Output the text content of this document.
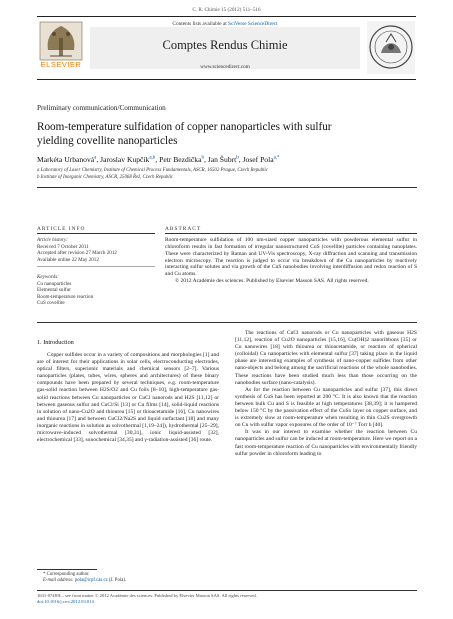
C. R. Chimie 15 (2012) 511–516
ELSEVIER
Contents lists available at SciVerse ScienceDirect
Comptes Rendus Chimie
www.sciencedirect.com
Preliminary communication/Communication
Room-temperature sulfidation of copper nanoparticles with sulfur
yielding covellite nanoparticles
Markéta Urbanová$^a$, Jaroslav Kupčík$^{a,b}$, Petr Bezdička$^b$, Jan Šubrt$^b$, Josef Pola$^{a,*}$
a Laboratory of Laser Chemistry, Institute of Chemical Process Fundamentals, ASCR, 16502 Prague, Czech Republic
b Institute of Inorganic Chemistry, ASCR, 25068 Řež, Czech Republic
ARTICLE INFO
Article history:
Received 7 October 2011
Accepted after revision 27 March 2012
Available online 22 May 2012
Keywords:
Cu nanoparticles
Elemental sulfur
Room-temperature reaction
CuS covellite
ABSTRACT
Room-temperature sulfidation of 100 nm-sized copper nanoparticles with powderous elemental sulfur in chloroform results in fast formation of irregular nanostructured CuS (covellite) particles containing nanoplates. These were characterized by Raman and UV-Vis spectroscopy, X-ray diffraction and scanning and transmission electron microscopy. The reaction is judged to occur via breakdown of the Cu nanoparticles by reactively interacting sulfur solutes and via growth of the CuS nanobodies involving interdiffusion and redox reaction of S and Cu atoms.
© 2012 Académie des sciences. Published by Elsevier Masson SAS. All rights reserved.
1. Introduction

Copper sulfides occur in a variety of compositions and morphologies [1] and are of interest for their applications in solar cells, electroconducting electrodes, optical filters, superionic materials and chemical sensors [2–7]. Various nanoparticles (plates, tubes, wires, spheres and architectures) of these binary compounds have been prepared by several techniques, e.g. room-temperature gas-solid reaction between H2S/O2 and Cu foils [8–10], high-temperature gas-solid reactions between Cu nanoparticles or CuCl nanorods and H2S [11,12] or between gaseous sulfur and CuCl/Si [13] or Cu films [14], solid-liquid reactions in solution of nano-Cu2O and thiourea [15] or thioacetamide [16], Cu nanowires and thiourea [17] and between CuCl2/Na2S and liquid surfactant [18] and many inorganic reactions in solution as solvothermal [1,19–24]), hydrothermal [25–29], microwave-induced solvothermal [30,31], ionic liquid-assisted [32], electrochemical [33], sonochemical [34,35] and γ-radiation-assisted [36] route.

The reactions of CuCl nanorods or Cu nanoparticles with gaseous H2S [11,12], reaction of Cu2O nanoparticles [15,16], Cu(OH)2 nanoribbons [35] or Cu nanowires [18] with thiourea or thioacetamide, or reaction of spherical (colloidal) Cu nanoparticles with elemental sulfur [37] taking place in the liquid phase are interesting examples of synthesis of nano-copper sulfides from other nano-objects and belong among the sacrificial reactions of the whole nanobodies. These reactions have been studied much less than those occurring on the nanobodies surface (nano-catalysis).

As for the reaction between Cu nanoparticles and sulfur [37], this direct synthesis of CuS has been reported at 200 °C. It is also known that the reaction between bulk Cu and S is feasible at high temperatures [38,39]; it is hampered below 150 °C by the passivation effect of the CuSx layer on copper surface, and is extremely slow at room-temperature when resulting in thin Cu2S overgrowth on Cu with sulfur vapor exposures of the order of 10⁻⁷ Torr h [40].

It was in our interest to examine whether the reaction between Cu nanoparticles and sulfur can be induced at room-temperature. Here we report on a fast room-temperature reaction of Cu nanoparticles with environmentally friendly sulfur powder in chloroform leading to

* Corresponding author.
E-mail address: pola@icpf.cas.cz (J. Pola).
1631-0748/$ – see front matter © 2012 Académie des sciences. Published by Elsevier Masson SAS. All rights reserved.
doi:10.1016/j.crci.2012.03.014
